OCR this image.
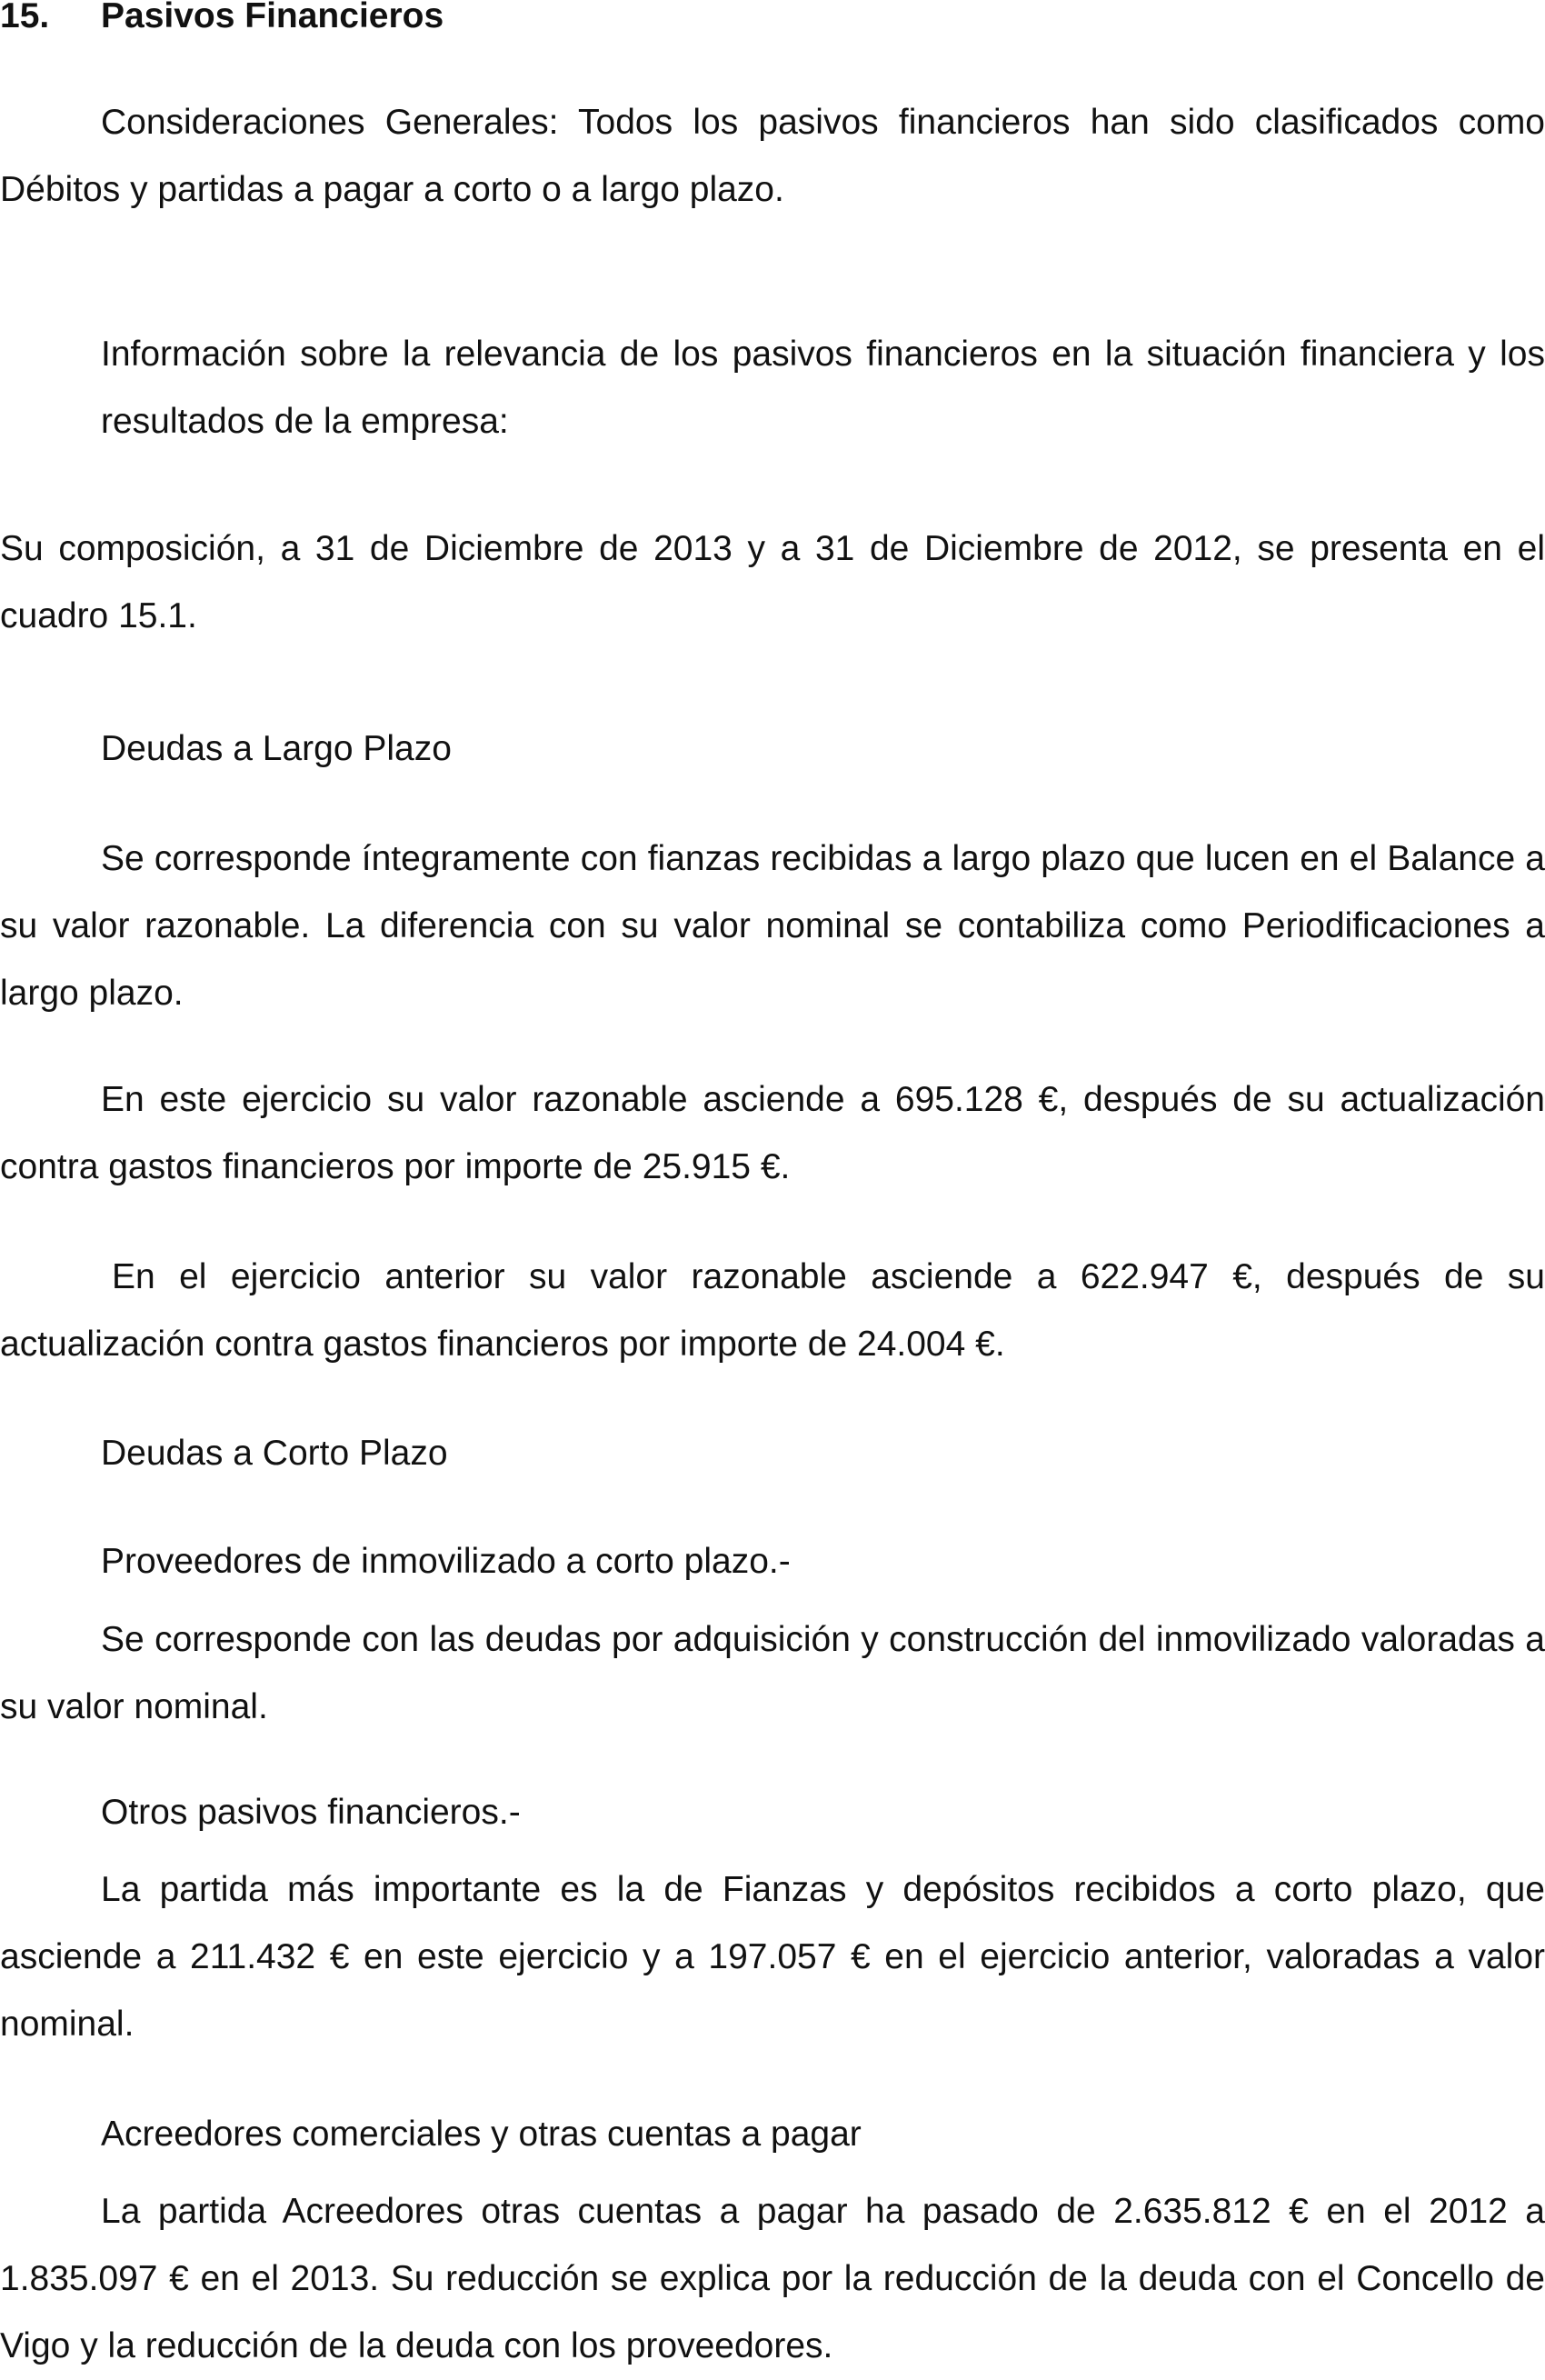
15. Pasivos Financieros

Consideraciones Generales: Todos los pasivos financieros han sido clasificados como Débitos y partidas a pagar a corto o a largo plazo.

Información sobre la relevancia de los pasivos financieros en la situación financiera y los resultados de la empresa:

Su composición, a 31 de Diciembre de 2013 y a 31 de Diciembre de 2012, se presenta en el cuadro 15.1.

Deudas a Largo Plazo

Se corresponde íntegramente con fianzas recibidas a largo plazo que lucen en el Balance a su valor razonable. La diferencia con su valor nominal se contabiliza como Periodificaciones a largo plazo.

En este ejercicio su valor razonable asciende a 695.128 €, después de su actualización contra gastos financieros por importe de 25.915 €.

En el ejercicio anterior su valor razonable asciende a 622.947 €, después de su actualización contra gastos financieros por importe de 24.004 €.

Deudas a Corto Plazo

Proveedores de inmovilizado a corto plazo.-

Se corresponde con las deudas por adquisición y construcción del inmovilizado valoradas a su valor nominal.

Otros pasivos financieros.-

La partida más importante es la de Fianzas y depósitos recibidos a corto plazo, que asciende a 211.432 € en este ejercicio y a 197.057 € en el ejercicio anterior, valoradas a valor nominal.

Acreedores comerciales y otras cuentas a pagar

La partida Acreedores otras cuentas a pagar ha pasado de 2.635.812 € en el 2012 a 1.835.097 € en el 2013. Su reducción se explica por la reducción de la deuda con el Concello de Vigo y la reducción de la deuda con los proveedores.
